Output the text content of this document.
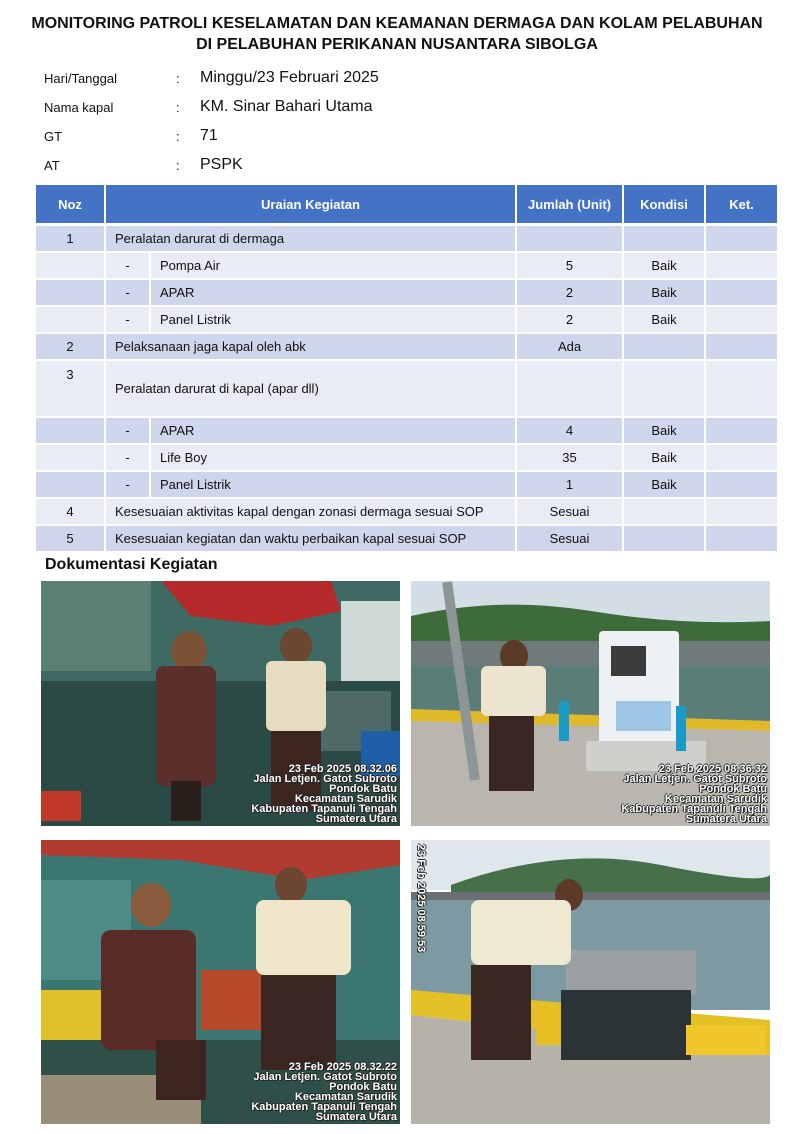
MONITORING PATROLI KESELAMATAN DAN KEAMANAN DERMAGA DAN KOLAM PELABUHAN
DI PELABUHAN PERIKANAN NUSANTARA SIBOLGA
Hari/Tanggal	: Minggu/23 Februari 2025
Nama kapal	: KM. Sinar Bahari Utama
GT	: 71
AT	: PSPK
Noz	Uraian Kegiatan		Jumlah (Unit)	Kondisi	Ket.
1	Peralatan darurat di dermaga				
	-	Pompa Air	5	Baik	
	-	APAR	2	Baik	
	-	Panel Listrik	2	Baik	
2	Pelaksanaan jaga kapal oleh abk		Ada		
3	Peralatan darurat di kapal (apar dll)				
	-	APAR	4	Baik	
	-	Life Boy	35	Baik	
	-	Panel Listrik	1	Baik	
4	Kesesuaian aktivitas kapal dengan zonasi dermaga sesuai SOP		Sesuai		
5	Kesesuaian kegiatan dan waktu perbaikan kapal sesuai SOP		Sesuai		
Dokumentasi Kegiatan
23 Feb 2025 08.32.06
Jalan Letjen. Gatot Subroto
Pondok Batu
Kecamatan Sarudik
Kabupaten Tapanuli Tengah
Sumatera Utara
23 Feb 2025 08.36.32
Jalan Letjen. Gatot Subroto
Pondok Batu
Kecamatan Sarudik
Kabupaten Tapanuli Tengah
Sumatera Utara
23 Feb 2025 08.32.22
Jalan Letjen. Gatot Subroto
Pondok Batu
Kecamatan Sarudik
Kabupaten Tapanuli Tengah
Sumatera Utara
23 Feb 2025 08.59.53
